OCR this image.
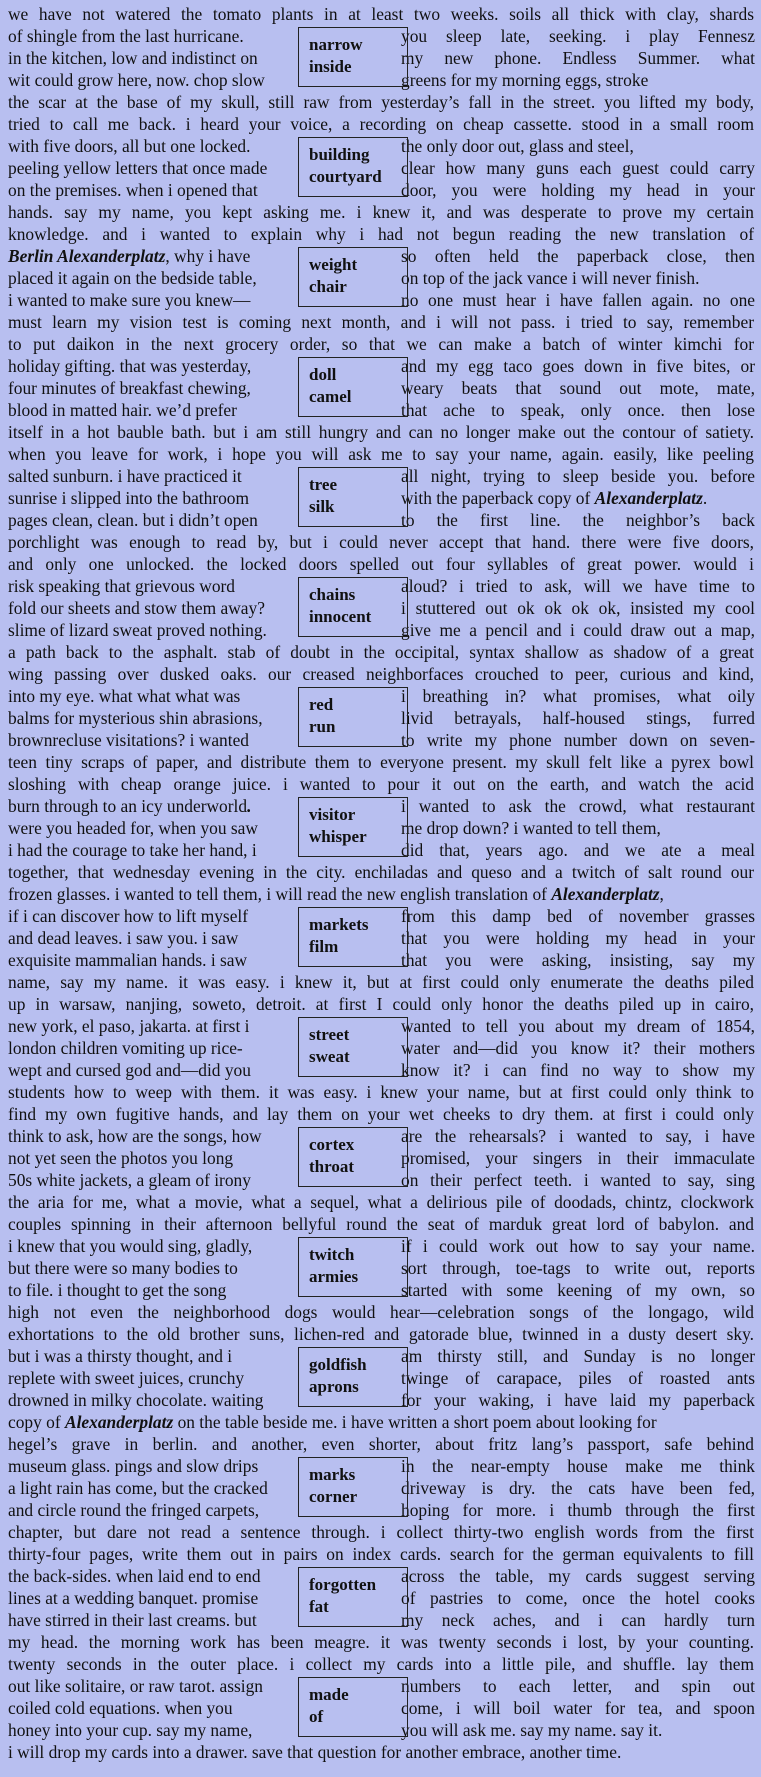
we have not watered the tomato plants in at least two weeks. soils all thick with clay, shards
of shingle from the last hurricane.	you sleep late, seeking. i play Fennesz
in the kitchen, low and indistinct on	my new phone. Endless Summer. what
wit could grow here, now. chop slow	greens for my morning eggs, stroke
narrow
inside
the scar at the base of my skull, still raw from yesterday’s fall in the street. you lifted my body,
tried to call me back. i heard your voice, a recording on cheap cassette. stood in a small room
with five doors, all but one locked.	the only door out, glass and steel,
peeling yellow letters that once made	clear how many guns each guest could carry
on the premises. when i opened that	door, you were holding my head in your
building
courtyard
hands. say my name, you kept asking me. i knew it, and was desperate to prove my certain
knowledge. and i wanted to explain why i had not begun reading the new translation of
Berlin Alexanderplatz, why i have	so often held the paperback close, then
placed it again on the bedside table,	on top of the jack vance i will never finish.
i wanted to make sure you knew—	no one must hear i have fallen again. no one
weight
chair
must learn my vision test is coming next month, and i will not pass. i tried to say, remember
to put daikon in the next grocery order, so that we can make a batch of winter kimchi for
holiday gifting. that was yesterday,	and my egg taco goes down in five bites, or
four minutes of breakfast chewing,	weary beats that sound out mote, mate,
blood in matted hair. we’d prefer	that ache to speak, only once. then lose
doll
camel
itself in a hot bauble bath. but i am still hungry and can no longer make out the contour of satiety.
when you leave for work, i hope you will ask me to say your name, again. easily, like peeling
salted sunburn. i have practiced it	all night, trying to sleep beside you. before
sunrise i slipped into the bathroom	with the paperback copy of Alexanderplatz.
pages clean, clean. but i didn’t open	to the first line. the neighbor’s back
tree
silk
porchlight was enough to read by, but i could never accept that hand. there were five doors,
and only one unlocked. the locked doors spelled out four syllables of great power. would i
risk speaking that grievous word	aloud? i tried to ask, will we have time to
fold our sheets and stow them away?	i stuttered out ok ok ok ok, insisted my cool
slime of lizard sweat proved nothing.	give me a pencil and i could draw out a map,
chains
innocent
a path back to the asphalt. stab of doubt in the occipital, syntax shallow as shadow of a great
wing passing over dusked oaks. our creased neighborfaces crouched to peer, curious and kind,
into my eye. what what what was	i breathing in? what promises, what oily
balms for mysterious shin abrasions,	livid betrayals, half-housed stings, furred
brownrecluse visitations? i wanted	to write my phone number down on seven-
red
run
teen tiny scraps of paper, and distribute them to everyone present. my skull felt like a pyrex bowl
sloshing with cheap orange juice. i wanted to pour it out on the earth, and watch the acid
burn through to an icy underworld.	i wanted to ask the crowd, what restaurant
were you headed for, when you saw	me drop down? i wanted to tell them,
i had the courage to take her hand, i	did that, years ago. and we ate a meal
visitor
whisper
together, that wednesday evening in the city. enchiladas and queso and a twitch of salt round our
frozen glasses. i wanted to tell them, i will read the new english translation of Alexanderplatz,
if i can discover how to lift myself	from this damp bed of november grasses
and dead leaves. i saw you. i saw	that you were holding my head in your
exquisite mammalian hands. i saw	that you were asking, insisting, say my
markets
film
name, say my name. it was easy. i knew it, but at first could only enumerate the deaths piled
up in warsaw, nanjing, soweto, detroit. at first I could only honor the deaths piled up in cairo,
new york, el paso, jakarta. at first i	wanted to tell you about my dream of 1854,
london children vomiting up rice-	water and—did you know it? their mothers
wept and cursed god and—did you	know it? i can find no way to show my
street
sweat
students how to weep with them. it was easy. i knew your name, but at first could only think to
find my own fugitive hands, and lay them on your wet cheeks to dry them. at first i could only
think to ask, how are the songs, how	are the rehearsals? i wanted to say, i have
not yet seen the photos you long	promised, your singers in their immaculate
50s white jackets, a gleam of irony	on their perfect teeth. i wanted to say, sing
cortex
throat
the aria for me, what a movie, what a sequel, what a delirious pile of doodads, chintz, clockwork
couples spinning in their afternoon bellyful round the seat of marduk great lord of babylon. and
i knew that you would sing, gladly,	if i could work out how to say your name.
but there were so many bodies to	sort through, toe-tags to write out, reports
to file. i thought to get the song	started with some keening of my own, so
twitch
armies
high not even the neighborhood dogs would hear—celebration songs of the longago, wild
exhortations to the old brother suns, lichen-red and gatorade blue, twinned in a dusty desert sky.
but i was a thirsty thought, and i	am thirsty still, and Sunday is no longer
replete with sweet juices, crunchy	twinge of carapace, piles of roasted ants
drowned in milky chocolate. waiting	for your waking, i have laid my paperback
goldfish
aprons
copy of Alexanderplatz on the table beside me. i have written a short poem about looking for
hegel’s grave in berlin. and another, even shorter, about fritz lang’s passport, safe behind
museum glass. pings and slow drips	in the near-empty house make me think
a light rain has come, but the cracked	driveway is dry. the cats have been fed,
and circle round the fringed carpets,	hoping for more. i thumb through the first
marks
corner
chapter, but dare not read a sentence through. i collect thirty-two english words from the first
thirty-four pages, write them out in pairs on index cards. search for the german equivalents to fill
the back-sides. when laid end to end	across the table, my cards suggest serving
lines at a wedding banquet. promise	of pastries to come, once the hotel cooks
have stirred in their last creams. but	my neck aches, and i can hardly turn
forgotten
fat
my head. the morning work has been meagre. it was twenty seconds i lost, by your counting.
twenty seconds in the outer place. i collect my cards into a little pile, and shuffle. lay them
out like solitaire, or raw tarot. assign	numbers to each letter, and spin out
coiled cold equations. when you	come, i will boil water for tea, and spoon
honey into your cup. say my name,	you will ask me. say my name. say it.
made
of
i will drop my cards into a drawer. save that question for another embrace, another time.
